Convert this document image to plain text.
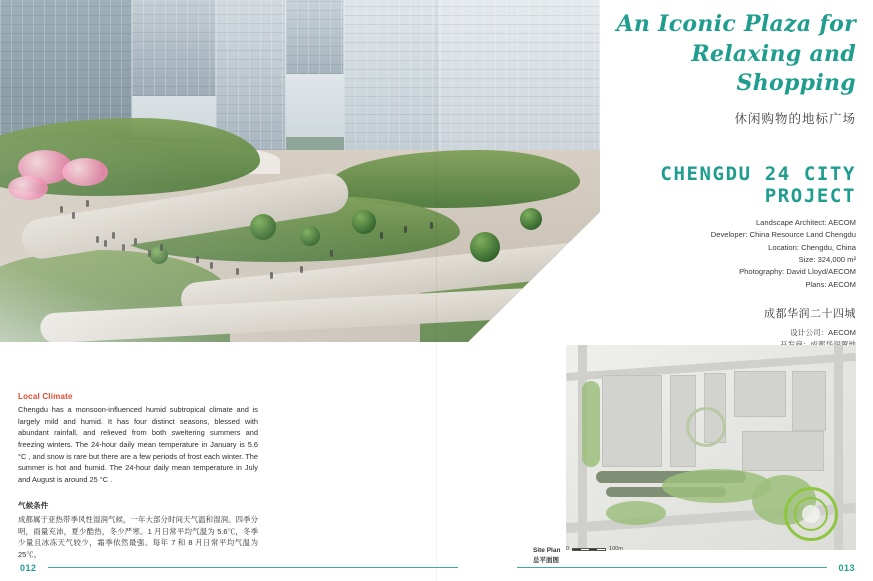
An Iconic Plaza for
Relaxing and Shopping
休闲购物的地标广场
CHENGDU 24 CITY PROJECT
Landscape Architect: AECOM
Developer: China Resource Land Chengdu
Location: Chengdu, China
Size: 324,000 m²
Photography: David Lloyd/AECOM
Plans: AECOM
成都华润二十四城
设计公司：AECOM
Local Climate

Chengdu has a monsoon-influenced humid subtropical climate and is largely mild and humid. It has four distinct seasons, blessed with abundant rainfall, and relieved from both sweltering summers and freezing winters. The 24-hour daily mean temperature in January is 5.6 °C , and snow is rare but there are a few periods of frost each winter. The summer is hot and humid. The 24-hour daily mean temperature in July and August is around 25 °C .

气候条件

成都属于亚热带季风性湿润气候，一年大部分时间天气温和湿润。四季分明，雨量充沛，夏少酷热，冬少严寒。1 月日常平均气温为 5.6℃，冬季少量且冰冻天气较少，霜季依然最强。每年 7 和 8 月日常平均气温为 25℃。	Site Plan
总平面图
0	100m
012	013
